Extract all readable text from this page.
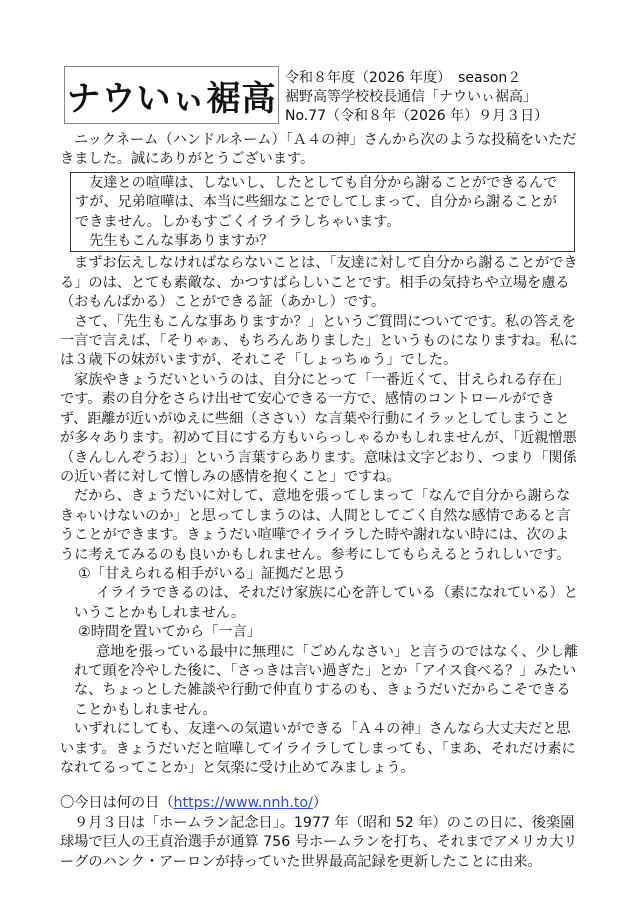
ナウいぃ裾高
令和８年度（2026 年度）　season２
裾野高等学校校長通信「ナウいぃ裾高」
No.77（令和８年（2026 年）９月３日）

ニックネーム（ハンドルネーム）「Ａ４の神」さんから次のような投稿をいただきました。誠にありがとうございます。

友達との喧嘩は、しないし、したとしても自分から謝ることができるんですが、兄弟喧嘩は、本当に些細なことでしてしまって、自分から謝ることができません。しかもすごくイライラしちゃいます。

先生もこんな事ありますか？

まずお伝えしなければならないことは、「友達に対して自分から謝ることができる」のは、とても素敵な、かつすばらしいことです。相手の気持ちや立場を慮る（おもんぱかる）ことができる証（あかし）です。

さて、「先生もこんな事ありますか？」というご質問についてです。私の答えを一言で言えば、「そりゃぁ、もちろんありました」というものになりますね。私には３歳下の妹がいますが、それこそ「しょっちゅう」でした。

家族やきょうだいというのは、自分にとって「一番近くて、甘えられる存在」です。素の自分をさらけ出せて安心できる一方で、感情のコントロールができず、距離が近いがゆえに些細（ささい）な言葉や行動にイラッとしてしまうことが多々あります。初めて目にする方もいらっしゃるかもしれませんが、「近親憎悪（きんしんぞうお）」という言葉すらあります。意味は文字どおり、つまり「関係の近い者に対して憎しみの感情を抱くこと」ですね。

だから、きょうだいに対して、意地を張ってしまって「なんで自分から謝らなきゃいけないのか」と思ってしまうのは、人間としてごく自然な感情であると言うことができます。きょうだい喧嘩でイライラした時や謝れない時には、次のように考えてみるのも良いかもしれません。参考にしてもらえるとうれしいです。

①「甘えられる相手がいる」証拠だと思う

イライラできるのは、それだけ家族に心を許している（素になれている）ということかもしれません。

②時間を置いてから「一言」

意地を張っている最中に無理に「ごめんなさい」と言うのではなく、少し離れて頭を冷やした後に、「さっきは言い過ぎた」とか「アイス食べる？」みたいな、ちょっとした雑談や行動で仲直りするのも、きょうだいだからこそできることかもしれません。

いずれにしても、友達への気遣いができる「Ａ４の神」さんなら大丈夫だと思います。きょうだいだと喧嘩してイライラしてしまっても、「まあ、それだけ素になれてるってことか」と気楽に受け止めてみましょう。

〇今日は何の日（https://www.nnh.to/）

９月３日は「ホームラン記念日」。1977 年（昭和 52 年）のこの日に、後楽園球場で巨人の王貞治選手が通算 756 号ホームランを打ち、それまでアメリカ大リーグのハンク・アーロンが持っていた世界最高記録を更新したことに由来。
